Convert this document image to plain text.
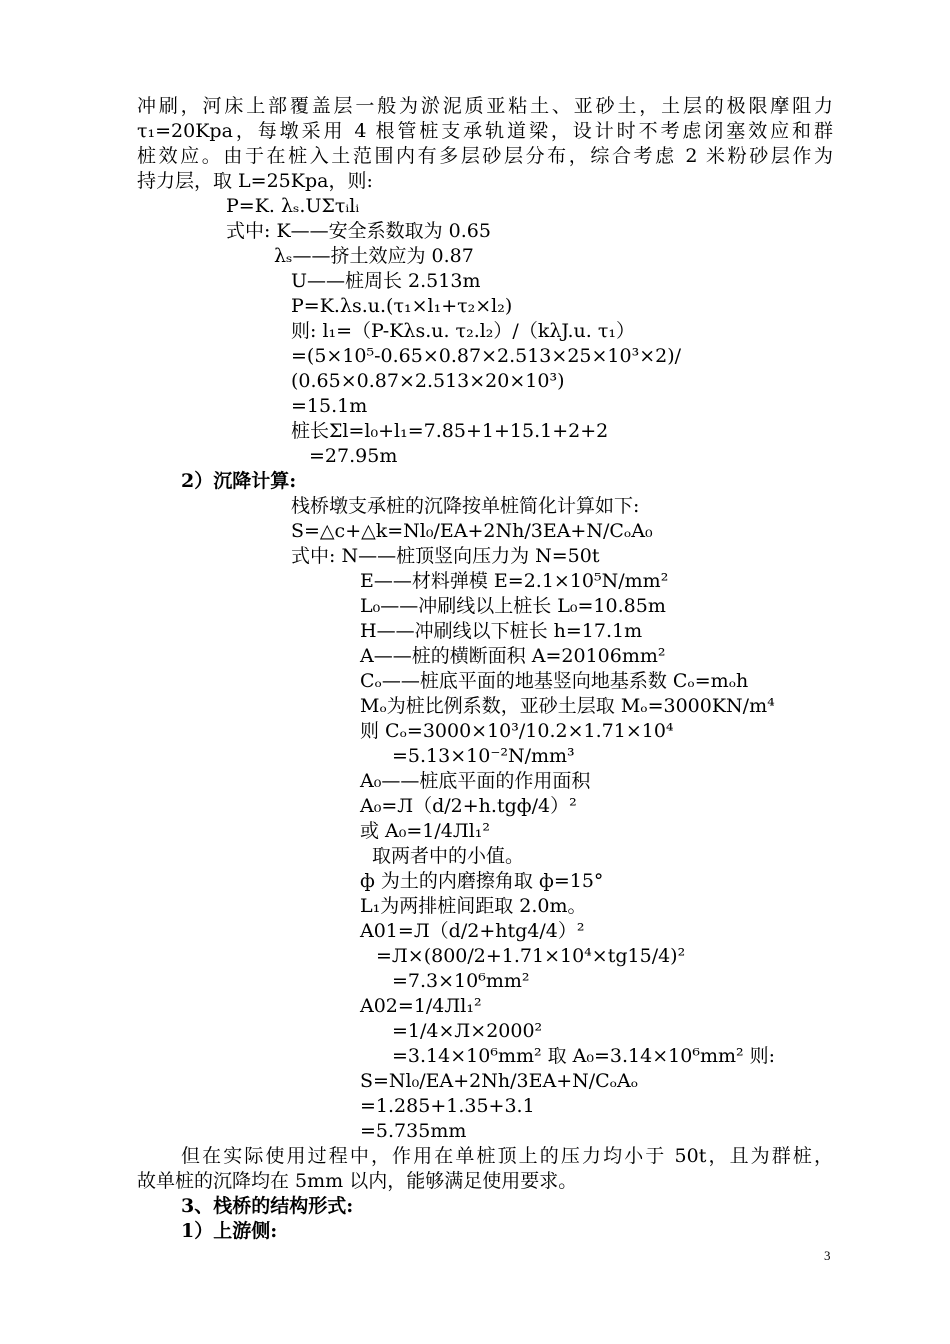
冲刷，河床上部覆盖层一般为淤泥质亚粘土、亚砂土，土层的极限摩阻力
τ₁=20Kpa，每墩采用 4 根管桩支承轨道梁，设计时不考虑闭塞效应和群
桩效应。由于在桩入土范围内有多层砂层分布，综合考虑 2 米粉砂层作为
持力层，取 L=25Kpa，则:
P=K. λₛ.UΣτᵢlᵢ
式中: K——安全系数取为 0.65
λₛ——挤土效应为 0.87
U——桩周长 2.513m
P=K.λs.u.(τ₁×l₁+τ₂×l₂)
则: l₁=（P-Kλs.u. τ₂.l₂）/（kλJ.u. τ₁）
=(5×10⁵-0.65×0.87×2.513×25×10³×2)/
(0.65×0.87×2.513×20×10³)
=15.1m
桩长Σl=l₀+l₁=7.85+1+15.1+2+2
=27.95m
2）沉降计算:
栈桥墩支承桩的沉降按单桩简化计算如下:
S=△c+△k=Nl₀/EA+2Nh/3EA+N/CₒA₀
式中: N——桩顶竖向压力为 N=50t
E——材料弹模 E=2.1×10⁵N/mm²
L₀——冲刷线以上桩长 L₀=10.85m
H——冲刷线以下桩长 h=17.1m
A——桩的横断面积 A=20106mm²
Cₒ——桩底平面的地基竖向地基系数 Cₒ=mₒh
Mₒ为桩比例系数，亚砂土层取 Mₒ=3000KN/m⁴
则 Cₒ=3000×10³/10.2×1.71×10⁴
=5.13×10⁻²N/mm³
A₀——桩底平面的作用面积
A₀=Л（d/2+h.tgф/4）²
或 A₀=1/4Лl₁²
取两者中的小值。
ф 为土的内磨擦角取 ф=15°
L₁为两排桩间距取 2.0m。
A01=Л（d/2+htg4/4）²
=Л×(800/2+1.71×10⁴×tg15/4)²
=7.3×10⁶mm²
A02=1/4Лl₁²
=1/4×Л×2000²
=3.14×10⁶mm² 取 A₀=3.14×10⁶mm² 则:
S=Nl₀/EA+2Nh/3EA+N/CₒAₒ
=1.285+1.35+3.1
=5.735mm
但在实际使用过程中，作用在单桩顶上的压力均小于 50t，且为群桩，
故单桩的沉降均在 5mm 以内，能够满足使用要求。
3、栈桥的结构形式:
1）上游侧:
3
